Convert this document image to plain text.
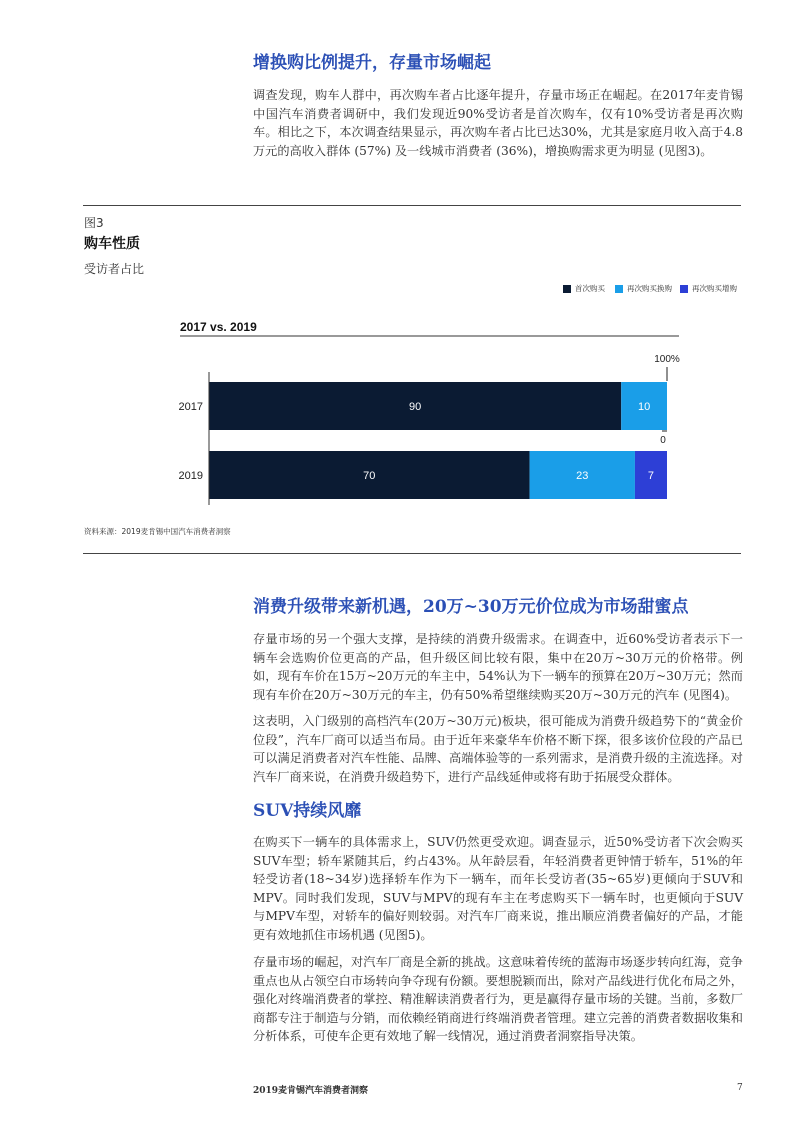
增换购比例提升，存量市场崛起

调查发现，购车人群中，再次购车者占比逐年提升，存量市场正在崛起。在2017年麦肯锡中国汽车消费者调研中，我们发现近90%受访者是首次购车，仅有10%受访者是再次购车。相比之下，本次调查结果显示，再次购车者占比已达30%，尤其是家庭月收入高于4.8万元的高收入群体 (57%) 及一线城市消费者 (36%)，增换购需求更为明显 (见图3)。

图3
购车性质
受访者占比
首次购买	再次购买换购	再次购买增购
2017 vs. 2019
2017	90	10
2019	70	23	7
100%
0
资料来源：2019麦肯锡中国汽车消费者洞察
消费升级带来新机遇，20万~30万元价位成为市场甜蜜点

存量市场的另一个强大支撑，是持续的消费升级需求。在调查中，近60%受访者表示下一辆车会选购价位更高的产品，但升级区间比较有限，集中在20万~30万元的价格带。例如，现有车价在15万~20万元的车主中，54%认为下一辆车的预算在20万~30万元；然而现有车价在20万~30万元的车主，仍有50%希望继续购买20万~30万元的汽车 (见图4)。

这表明，入门级别的高档汽车(20万~30万元)板块，很可能成为消费升级趋势下的“黄金价位段”，汽车厂商可以适当布局。由于近年来豪华车价格不断下探，很多该价位段的产品已可以满足消费者对汽车性能、品牌、高端体验等的一系列需求，是消费升级的主流选择。对汽车厂商来说，在消费升级趋势下，进行产品线延伸或将有助于拓展受众群体。

SUV持续风靡

在购买下一辆车的具体需求上，SUV仍然更受欢迎。调查显示，近50%受访者下次会购买SUV车型；轿车紧随其后，约占43%。从年龄层看，年轻消费者更钟情于轿车，51%的年轻受访者(18~34岁)选择轿车作为下一辆车，而年长受访者(35~65岁)更倾向于SUV和MPV。同时我们发现，SUV与MPV的现有车主在考虑购买下一辆车时，也更倾向于SUV与MPV车型，对轿车的偏好则较弱。对汽车厂商来说，推出顺应消费者偏好的产品，才能更有效地抓住市场机遇 (见图5)。

存量市场的崛起，对汽车厂商是全新的挑战。这意味着传统的蓝海市场逐步转向红海，竞争重点也从占领空白市场转向争夺现有份额。要想脱颖而出，除对产品线进行优化布局之外，强化对终端消费者的掌控、精准解读消费者行为，更是赢得存量市场的关键。当前，多数厂商都专注于制造与分销，而依赖经销商进行终端消费者管理。建立完善的消费者数据收集和分析体系，可使车企更有效地了解一线情况，通过消费者洞察指导决策。

2019麦肯锡汽车消费者洞察	7
